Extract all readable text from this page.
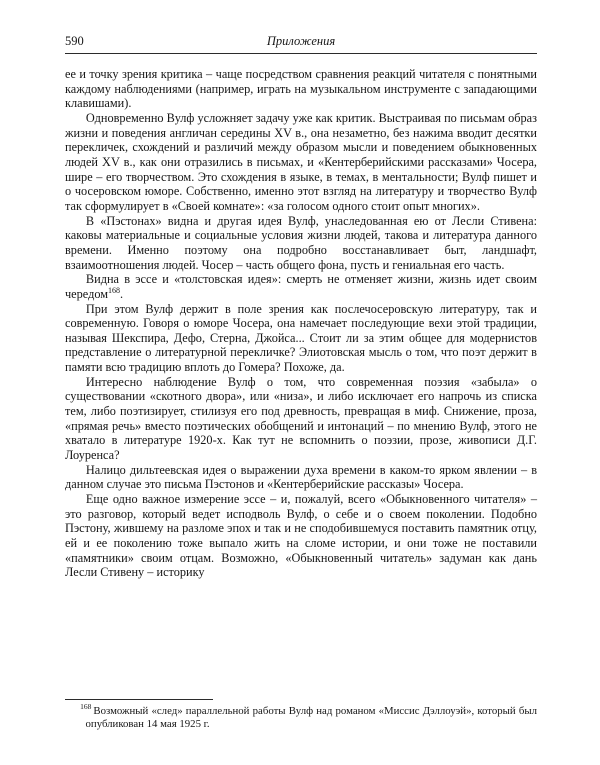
590	Приложения

ее и точку зрения критика – чаще посредством сравнения реакций читателя с понятными каждому наблюдениями (например, играть на музыкальном инструменте с западающими клавишами).

Одновременно Вулф усложняет задачу уже как критик. Выстраивая по письмам образ жизни и поведения англичан середины XV в., она незаметно, без нажима вводит десятки перекличек, схождений и различий между образом мысли и поведением обыкновенных людей XV в., как они отразились в письмах, и «Кентерберийскими рассказами» Чосера, шире – его творчеством. Это схождения в языке, в темах, в ментальности; Вулф пишет и о чосеровском юморе. Собственно, именно этот взгляд на литературу и творчество Вулф так сформулирует в «Своей комнате»: «за голосом одного стоит опыт многих».

В «Пэстонах» видна и другая идея Вулф, унаследованная ею от Лесли Стивена: каковы материальные и социальные условия жизни людей, такова и литература данного времени. Именно поэтому она подробно восстанавливает быт, ландшафт, взаимоотношения людей. Чосер – часть общего фона, пусть и гениальная его часть.

Видна в эссе и «толстовская идея»: смерть не отменяет жизни, жизнь идет своим чередом$^{168}$.

При этом Вулф держит в поле зрения как послечосеровскую литературу, так и современную. Говоря о юморе Чосера, она намечает последующие вехи этой традиции, называя Шекспира, Дефо, Стерна, Джойса... Стоит ли за этим общее для модернистов представление о литературной перекличке? Элиотовская мысль о том, что поэт держит в памяти всю традицию вплоть до Гомера? Похоже, да.

Интересно наблюдение Вулф о том, что современная поэзия «забыла» о существовании «скотного двора», или «низа», и либо исключает его напрочь из списка тем, либо поэтизирует, стилизуя его под древность, превращая в миф. Снижение, проза, «прямая речь» вместо поэтических обобщений и интонаций – по мнению Вулф, этого не хватало в литературе 1920-х. Как тут не вспомнить о поэзии, прозе, живописи Д.Г. Лоуренса?

Налицо дильтеевская идея о выражении духа времени в каком-то ярком явлении – в данном случае это письма Пэстонов и «Кентерберийские рассказы» Чосера.

Еще одно важное измерение эссе – и, пожалуй, всего «Обыкновенного читателя» – это разговор, который ведет исподволь Вулф, о себе и о своем поколении. Подобно Пэстону, жившему на разломе эпох и так и не сподобившемуся поставить памятник отцу, ей и ее поколению тоже выпало жить на сломе истории, и они тоже не поставили «памятники» своим отцам. Возможно, «Обыкновенный читатель» задуман как дань Лесли Стивену – историку

$^{168}$ Возможный «след» параллельной работы Вулф над романом «Миссис Дэллоуэй», который был опубликован 14 мая 1925 г.
